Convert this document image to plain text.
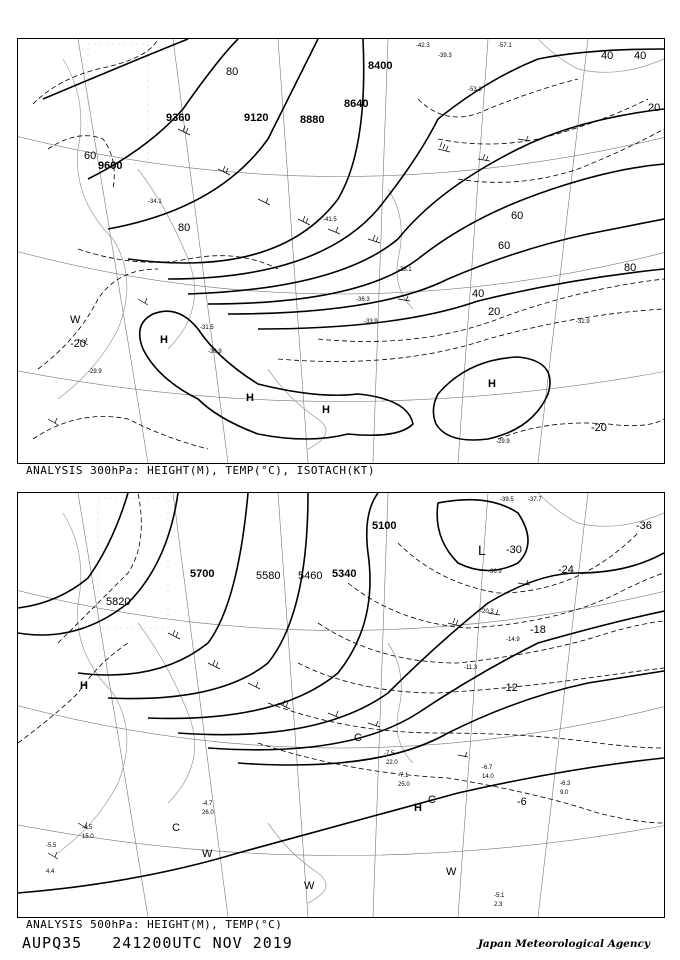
9600
9360	9120	8880
8640
8400
80
60
80
60
40
20
40
60
80
40
20
-20
-20
H
H
H
H
W
-39.3
-42.3	-57.1
-53.3
-34.1
-36.3
-32.9
-31.5
-30.9
-29.9
-29.9
-33.9
-41.5
-38.1
ANALYSIS 300hPa: HEIGHT(M), TEMP(°C), ISOTACH(KT)
5820
5700	5580 5460 5340
5100	-36
-30
-24
-18
-12
-6
H
H
L
C
C
C
W
W
W
-39.5 -37.7
-36.9
-20.3
-14.9
-11.3
-7.5
-7.1
-6.7
-6.3
-5.1
-4.5
-5.5
-4.7
22.0
25.0
14.0
9.0
2.3
15.0
4.4
26.0
ANALYSIS 500hPa: HEIGHT(M), TEMP(°C)
AUPQ35 241200UTC NOV 2019	Japan Meteorological Agency
